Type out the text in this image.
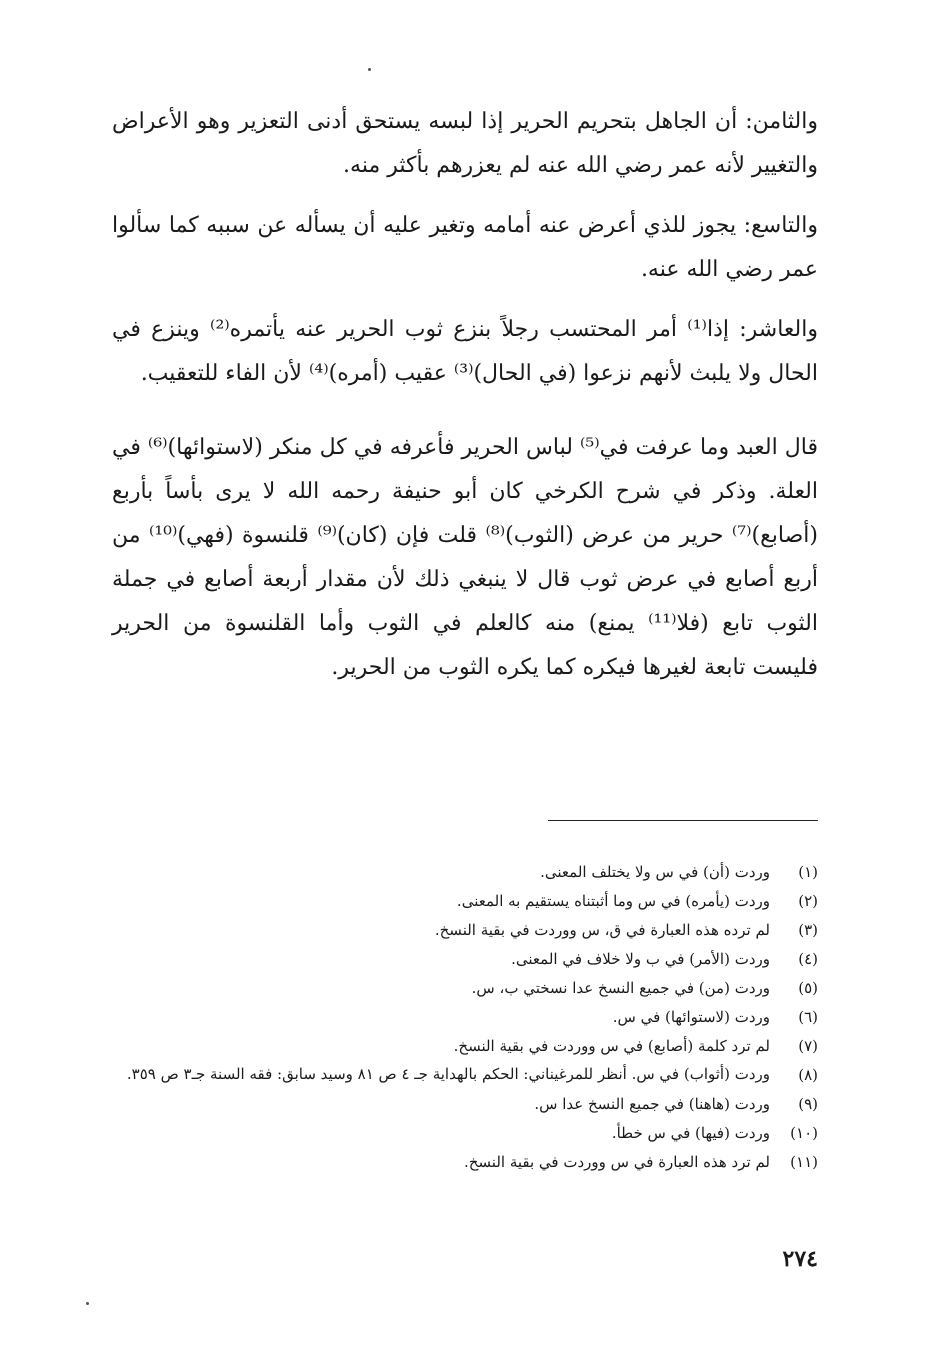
والثامن: أن الجاهل بتحريم الحرير إذا لبسه يستحق أدنى التعزير وهو الأعراض والتغيير لأنه عمر رضي الله عنه لم يعزرهم بأكثر منه.

والتاسع: يجوز للذي أعرض عنه أمامه وتغير عليه أن يسأله عن سببه كما سألوا عمر رضي الله عنه.

والعاشر: إذا⁽¹⁾ أمر المحتسب رجلاً بنزع ثوب الحرير عنه يأتمره⁽²⁾ وينزع في الحال ولا يلبث لأنهم نزعوا (في الحال)⁽³⁾ عقيب (أمره)⁽⁴⁾ لأن الفاء للتعقيب.

قال العبد وما عرفت في⁽⁵⁾ لباس الحرير فأعرفه في كل منكر (لاستوائها)⁽⁶⁾ في العلة. وذكر في شرح الكرخي كان أبو حنيفة رحمه الله لا يرى بأساً بأربع (أصابع)⁽⁷⁾ حرير من عرض (الثوب)⁽⁸⁾ قلت فإن (كان)⁽⁹⁾ قلنسوة (فهي)⁽¹⁰⁾ من أربع أصابع في عرض ثوب قال لا ينبغي ذلك لأن مقدار أربعة أصابع في جملة الثوب تابع (فلا⁽¹¹⁾ يمنع) منه كالعلم في الثوب وأما القلنسوة من الحرير فليست تابعة لغيرها فيكره كما يكره الثوب من الحرير.

(١)
وردت (أن) في س ولا يختلف المعنى.
(٢)
وردت (يأمره) في س وما أثبتناه يستقيم به المعنى.
(٣)
لم ترده هذه العبارة في ق، س ووردت في بقية النسخ.
(٤)
وردت (الأمر) في ب ولا خلاف في المعنى.
(٥)
وردت (من) في جميع النسخ عدا نسختي ب، س.
(٦)
وردت (لاستوائها) في س.
(٧)
لم ترد كلمة (أصابع) في س ووردت في بقية النسخ.
(٨)
وردت (أثواب) في س. أنظر للمرغيناني: الحكم بالهداية جـ ٤ ص ٨١ وسيد سابق: فقه السنة جـ٣ ص ٣٥٩.
(٩)
وردت (هاهنا) في جميع النسخ عدا س.
(١٠)
وردت (فيها) في س خطأ.
(١١)
لم ترد هذه العبارة في س ووردت في بقية النسخ.
٢٧٤
